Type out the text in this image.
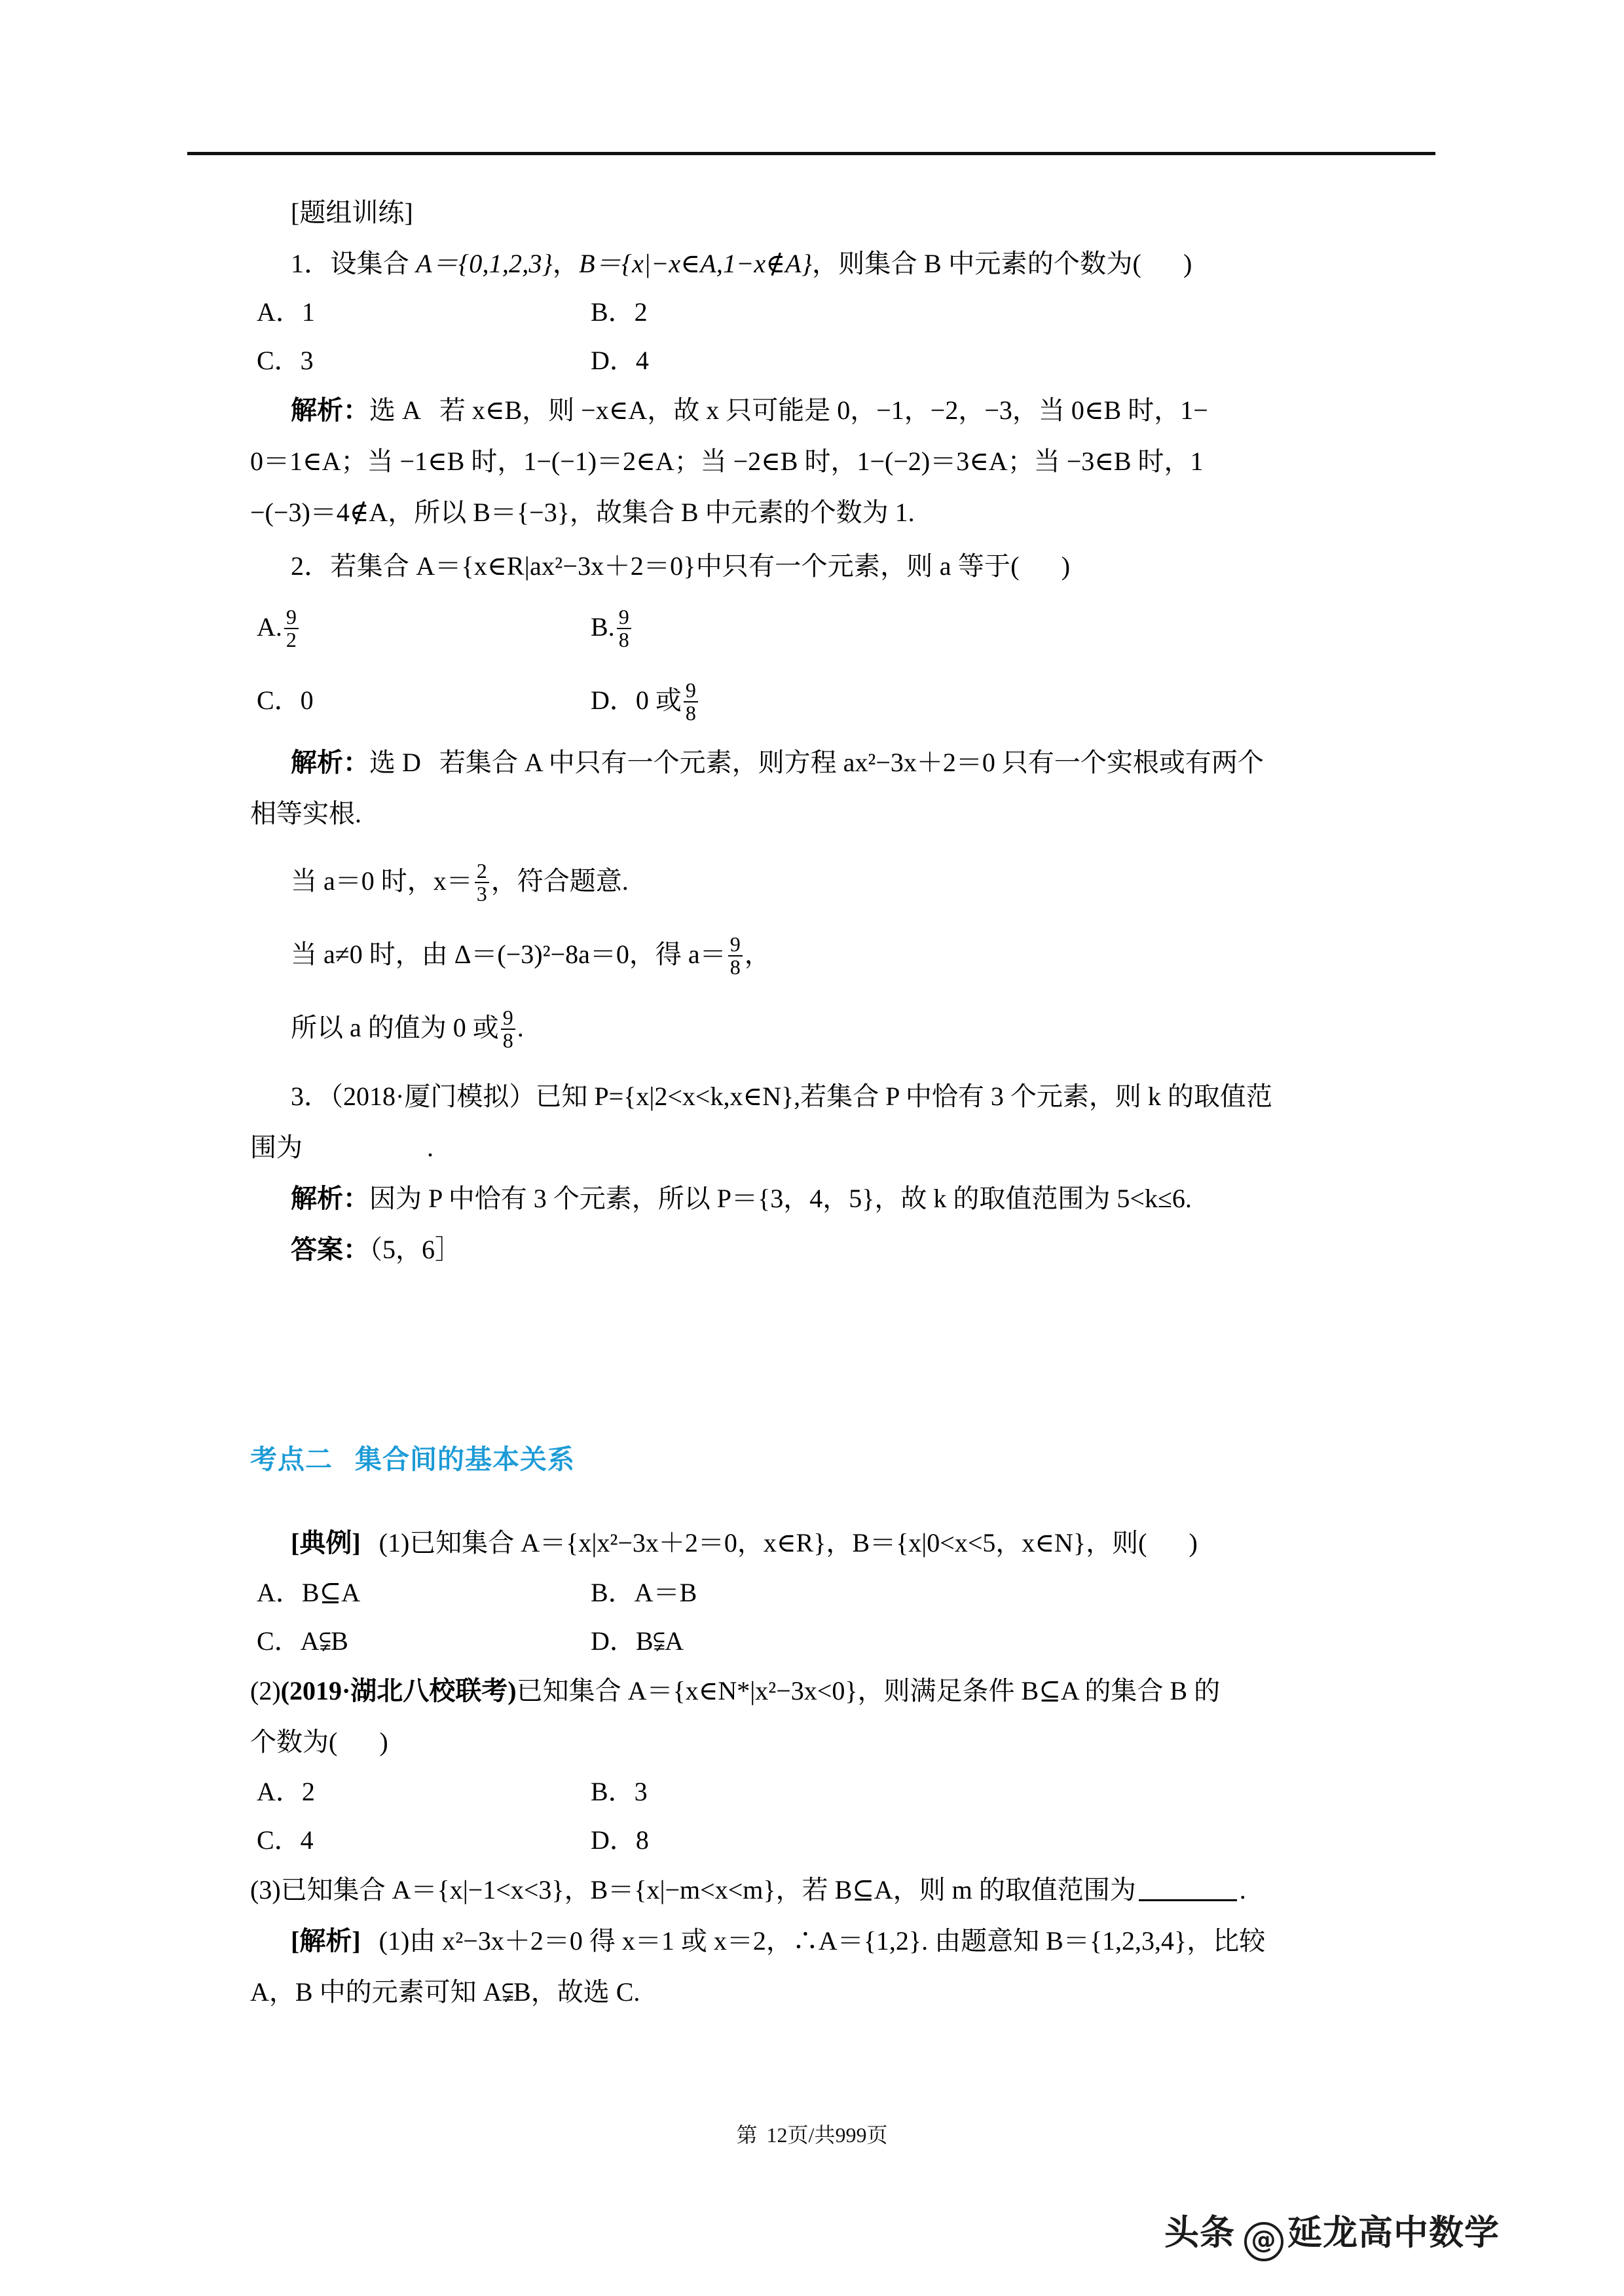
[题组训练]
1．设集合 A＝{0,1,2,3}，B＝{x|−x∈A,1−x∉A}，则集合 B 中元素的个数为( )
A．1	B．2
C．3	D．4
解析：选 A 若 x∈B，则 −x∈A，故 x 只可能是 0，−1，−2，−3，当 0∈B 时，1−
0＝1∈A；当 −1∈B 时，1−(−1)＝2∈A；当 −2∈B 时，1−(−2)＝3∈A；当 −3∈B 时，1
−(−3)＝4∉A，所以 B＝{−3}，故集合 B 中元素的个数为 1.
2．若集合 A＝{x∈R|ax²−3x＋2＝0}中只有一个元素，则 a 等于( )
A. $\frac{9}{2}$	B. $\frac{9}{8}$
C．0	D．0 或 $\frac{9}{8}$
解析：选 D 若集合 A 中只有一个元素，则方程 ax²−3x＋2＝0 只有一个实根或有两个
相等实根.
当 a＝0 时，$x= \frac{2}{3}$ ，符合题意.
当 a≠0 时，由 Δ＝(−3)²−8a＝0，得 $a= \frac{9}{8}$ ，
所以 a 的值为 0 或 $\frac{9}{8}$ .
3．（2018·厦门模拟）已知 P={x|2<x<k,x∈N},若集合 P 中恰有 3 个元素，则 k 的取值范
围为	.
解析：因为 P 中恰有 3 个元素，所以 P＝{3，4，5}，故 k 的取值范围为 5<k≤6.
答案：（5，6］
考点二 集合间的基本关系
[典例] (1)已知集合 A＝{x|x²−3x＋2＝0，x∈R}，B＝{x|0<x<5，x∈N}，则( )
A．B⊆A	B．A＝B
C．A⫋B	D．B⫋A
(2)(2019·湖北八校联考)已知集合 A＝{x∈N*|x²−3x<0}，则满足条件 B⊆A 的集合 B 的
个数为( )
A．2	B．3
C．4	D．8
(3)已知集合 A＝{x|−1<x<3}，B＝{x|−m<x<m}，若 B⊆A，则 m 的取值范围为	.
[解析] (1)由 x²−3x＋2＝0 得 x＝1 或 x＝2，∴A＝{1,2}. 由题意知 B＝{1,2,3,4}，比较
A，B 中的元素可知 A⫋B，故选 C.
第 12页/共999页
头条 @ 延龙高中数学
